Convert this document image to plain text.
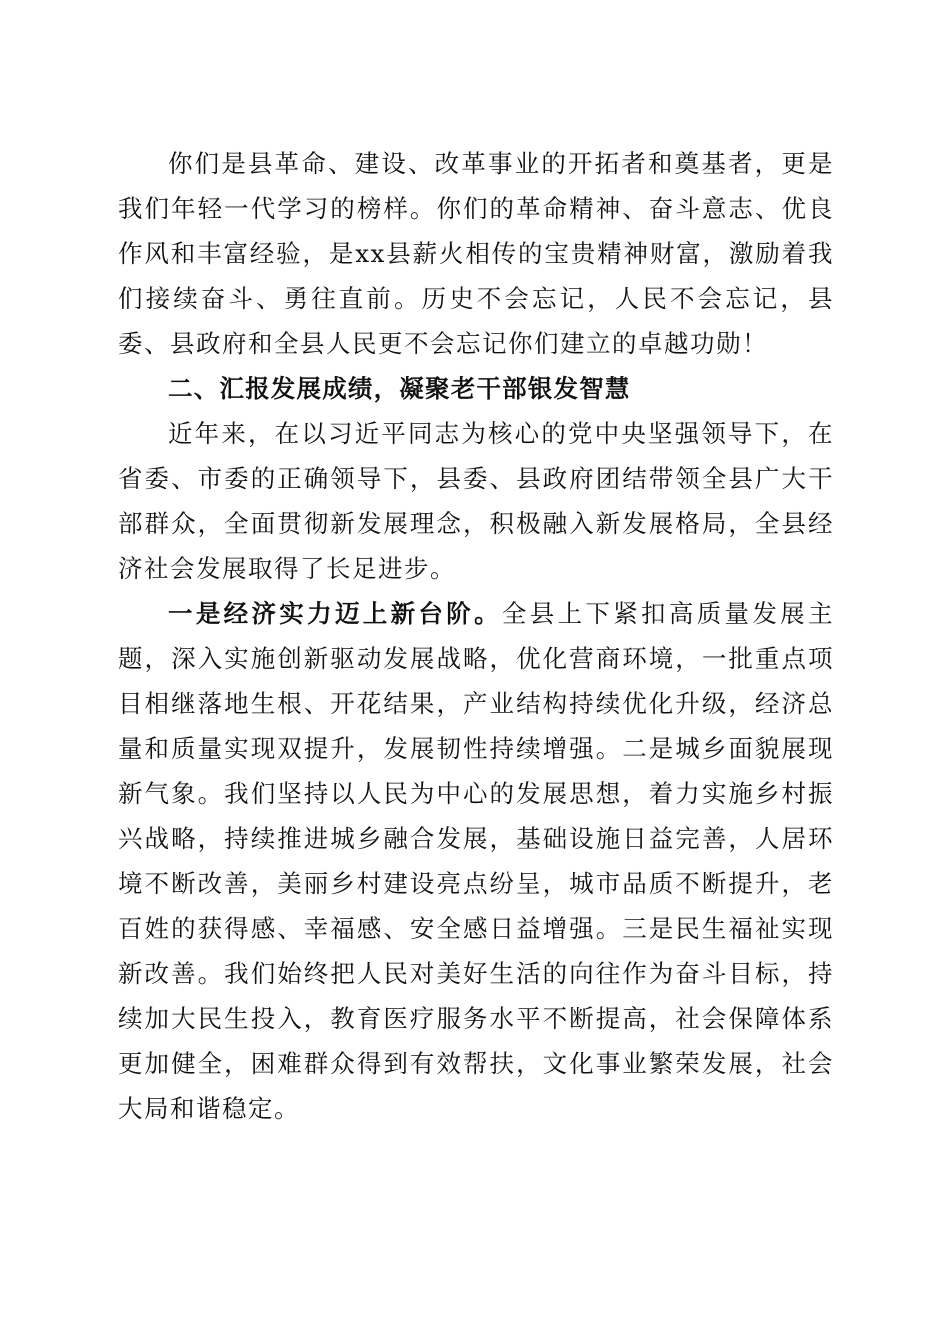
你们是县革命、建设、改革事业的开拓者和奠基者，更是我们年轻一代学习的榜样。你们的革命精神、奋斗意志、优良作风和丰富经验，是xx县薪火相传的宝贵精神财富，激励着我们接续奋斗、勇往直前。历史不会忘记，人民不会忘记，县委、县政府和全县人民更不会忘记你们建立的卓越功勋！

二、汇报发展成绩，凝聚老干部银发智慧

近年来，在以习近平同志为核心的党中央坚强领导下，在省委、市委的正确领导下，县委、县政府团结带领全县广大干部群众，全面贯彻新发展理念，积极融入新发展格局，全县经济社会发展取得了长足进步。

一是经济实力迈上新台阶。全县上下紧扣高质量发展主题，深入实施创新驱动发展战略，优化营商环境，一批重点项目相继落地生根、开花结果，产业结构持续优化升级，经济总量和质量实现双提升，发展韧性持续增强。二是城乡面貌展现新气象。我们坚持以人民为中心的发展思想，着力实施乡村振兴战略，持续推进城乡融合发展，基础设施日益完善，人居环境不断改善，美丽乡村建设亮点纷呈，城市品质不断提升，老百姓的获得感、幸福感、安全感日益增强。三是民生福祉实现新改善。我们始终把人民对美好生活的向往作为奋斗目标，持续加大民生投入，教育医疗服务水平不断提高，社会保障体系更加健全，困难群众得到有效帮扶，文化事业繁荣发展，社会大局和谐稳定。
